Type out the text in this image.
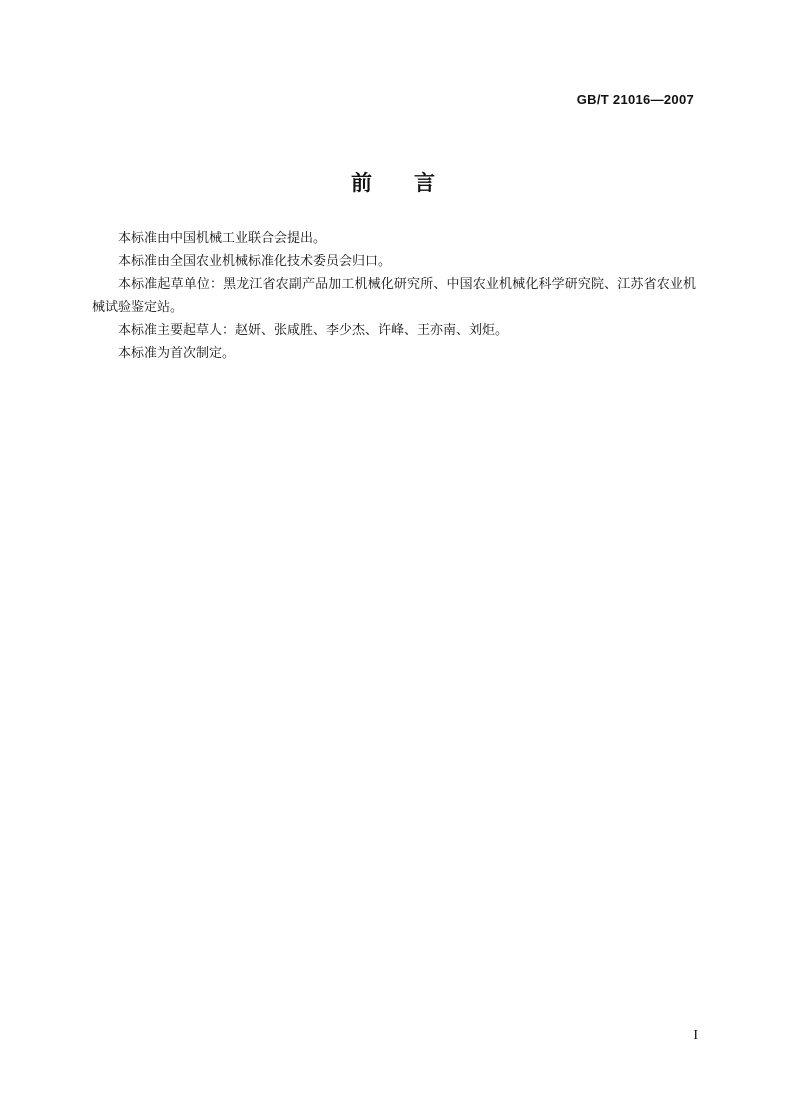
GB/T 21016—2007
前言

本标准由中国机械工业联合会提出。

本标准由全国农业机械标准化技术委员会归口。

本标准起草单位：黑龙江省农副产品加工机械化研究所、中国农业机械化科学研究院、江苏省农业机械试验鉴定站。

本标准主要起草人：赵妍、张咸胜、李少杰、许峰、王亦南、刘炬。

本标准为首次制定。

I
